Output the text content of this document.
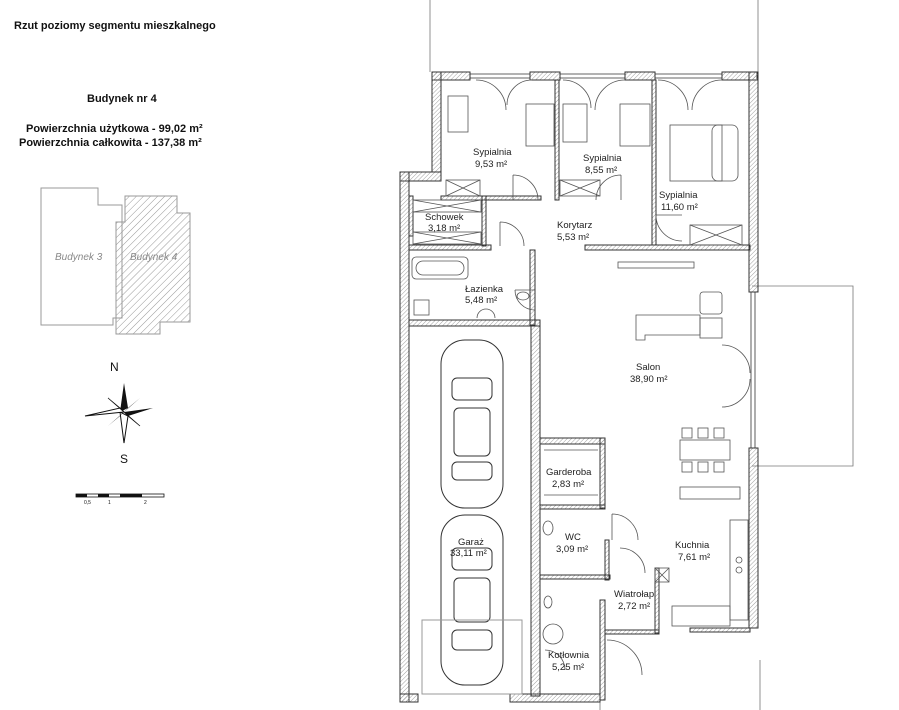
Rzut poziomy segmentu mieszkalnego
Budynek nr 4
Powierzchnia użytkowa - 99,02 m²
Powierzchnia całkowita - 137,38 m²
Budynek 3	Budynek 4
Sypialnia
9,53 m²
Sypialnia
8,55 m²
Sypialnia
11,60 m²
Schowek
3,18 m²	Korytarz
5,53 m²
Łazienka
5,48 m²
Salon
38,90 m²
Garderoba
2,83 m²
Garaż
33,11 m²
WC
3,09 m²	Kuchnia
7,61 m²
Wiatrołap
2,72 m²
Kotłownia
5,25 m²
N
S
0,5	1	2
